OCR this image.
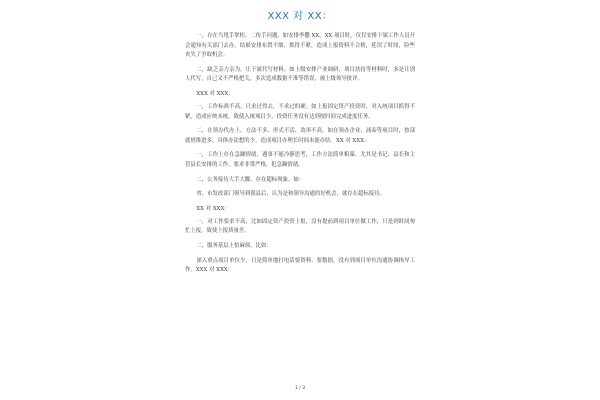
XXX 对 XX：

一，存在当甩手掌柜，二传手问题。如安排李撒 XX、XX 项目时，仅仅安排下属工作人员开会通知有关部门去办，结果安排布置不细、抓得不紧，造成上报资料不合格，延误了时间，险些丧失了争取机会。

二，缺乏亲力亲为，让下属代写材料。如上级安排产业调研、项目扶持等材料时，多是让别人代写，自己又不严格把关，多次造成数据不准等错误，被上级领导批评。

XXX 对 XXX：

一，工作标准不高，只求过得去，不求过的硬。如上报固定资产投资时，对入统项目抓得不紧，造成应统未统，致使入统项目少，投资任务没有达到按时间完成进度任务。

二，在领办代办上，方法不多、形式不活、效率不高。如在领办企业、涌泰等项目时，按部就班推进多，具体办法想的少，造成项目办理长时间未能办结。XX 对 XXX：

一，工作上存在急躁情绪，遇事不能冷静思考，工作方法简单粗暴。尤其是书记、县长和主管县长安排的工作，要求非常严格，犯急躁情绪。

二，公务接待大手大脚，存在超标现象。如：

省、市发改部门领导到我县后，认为是和领导沟通的好机会，就存在超标接待。

XX 对 XXX：

一，对工作要求不高，比如固定资产投资上报，没有提前到项目单位做工作，只是到时间匆忙上报，致使上报质量差。

二，服务基层上怕麻烦。比如：

深入重点项目单位少，只是简单地打电话要资料、要数据，没有到项目单位沟通协调指导工作。XXX 对 XXX：

1 / 3
